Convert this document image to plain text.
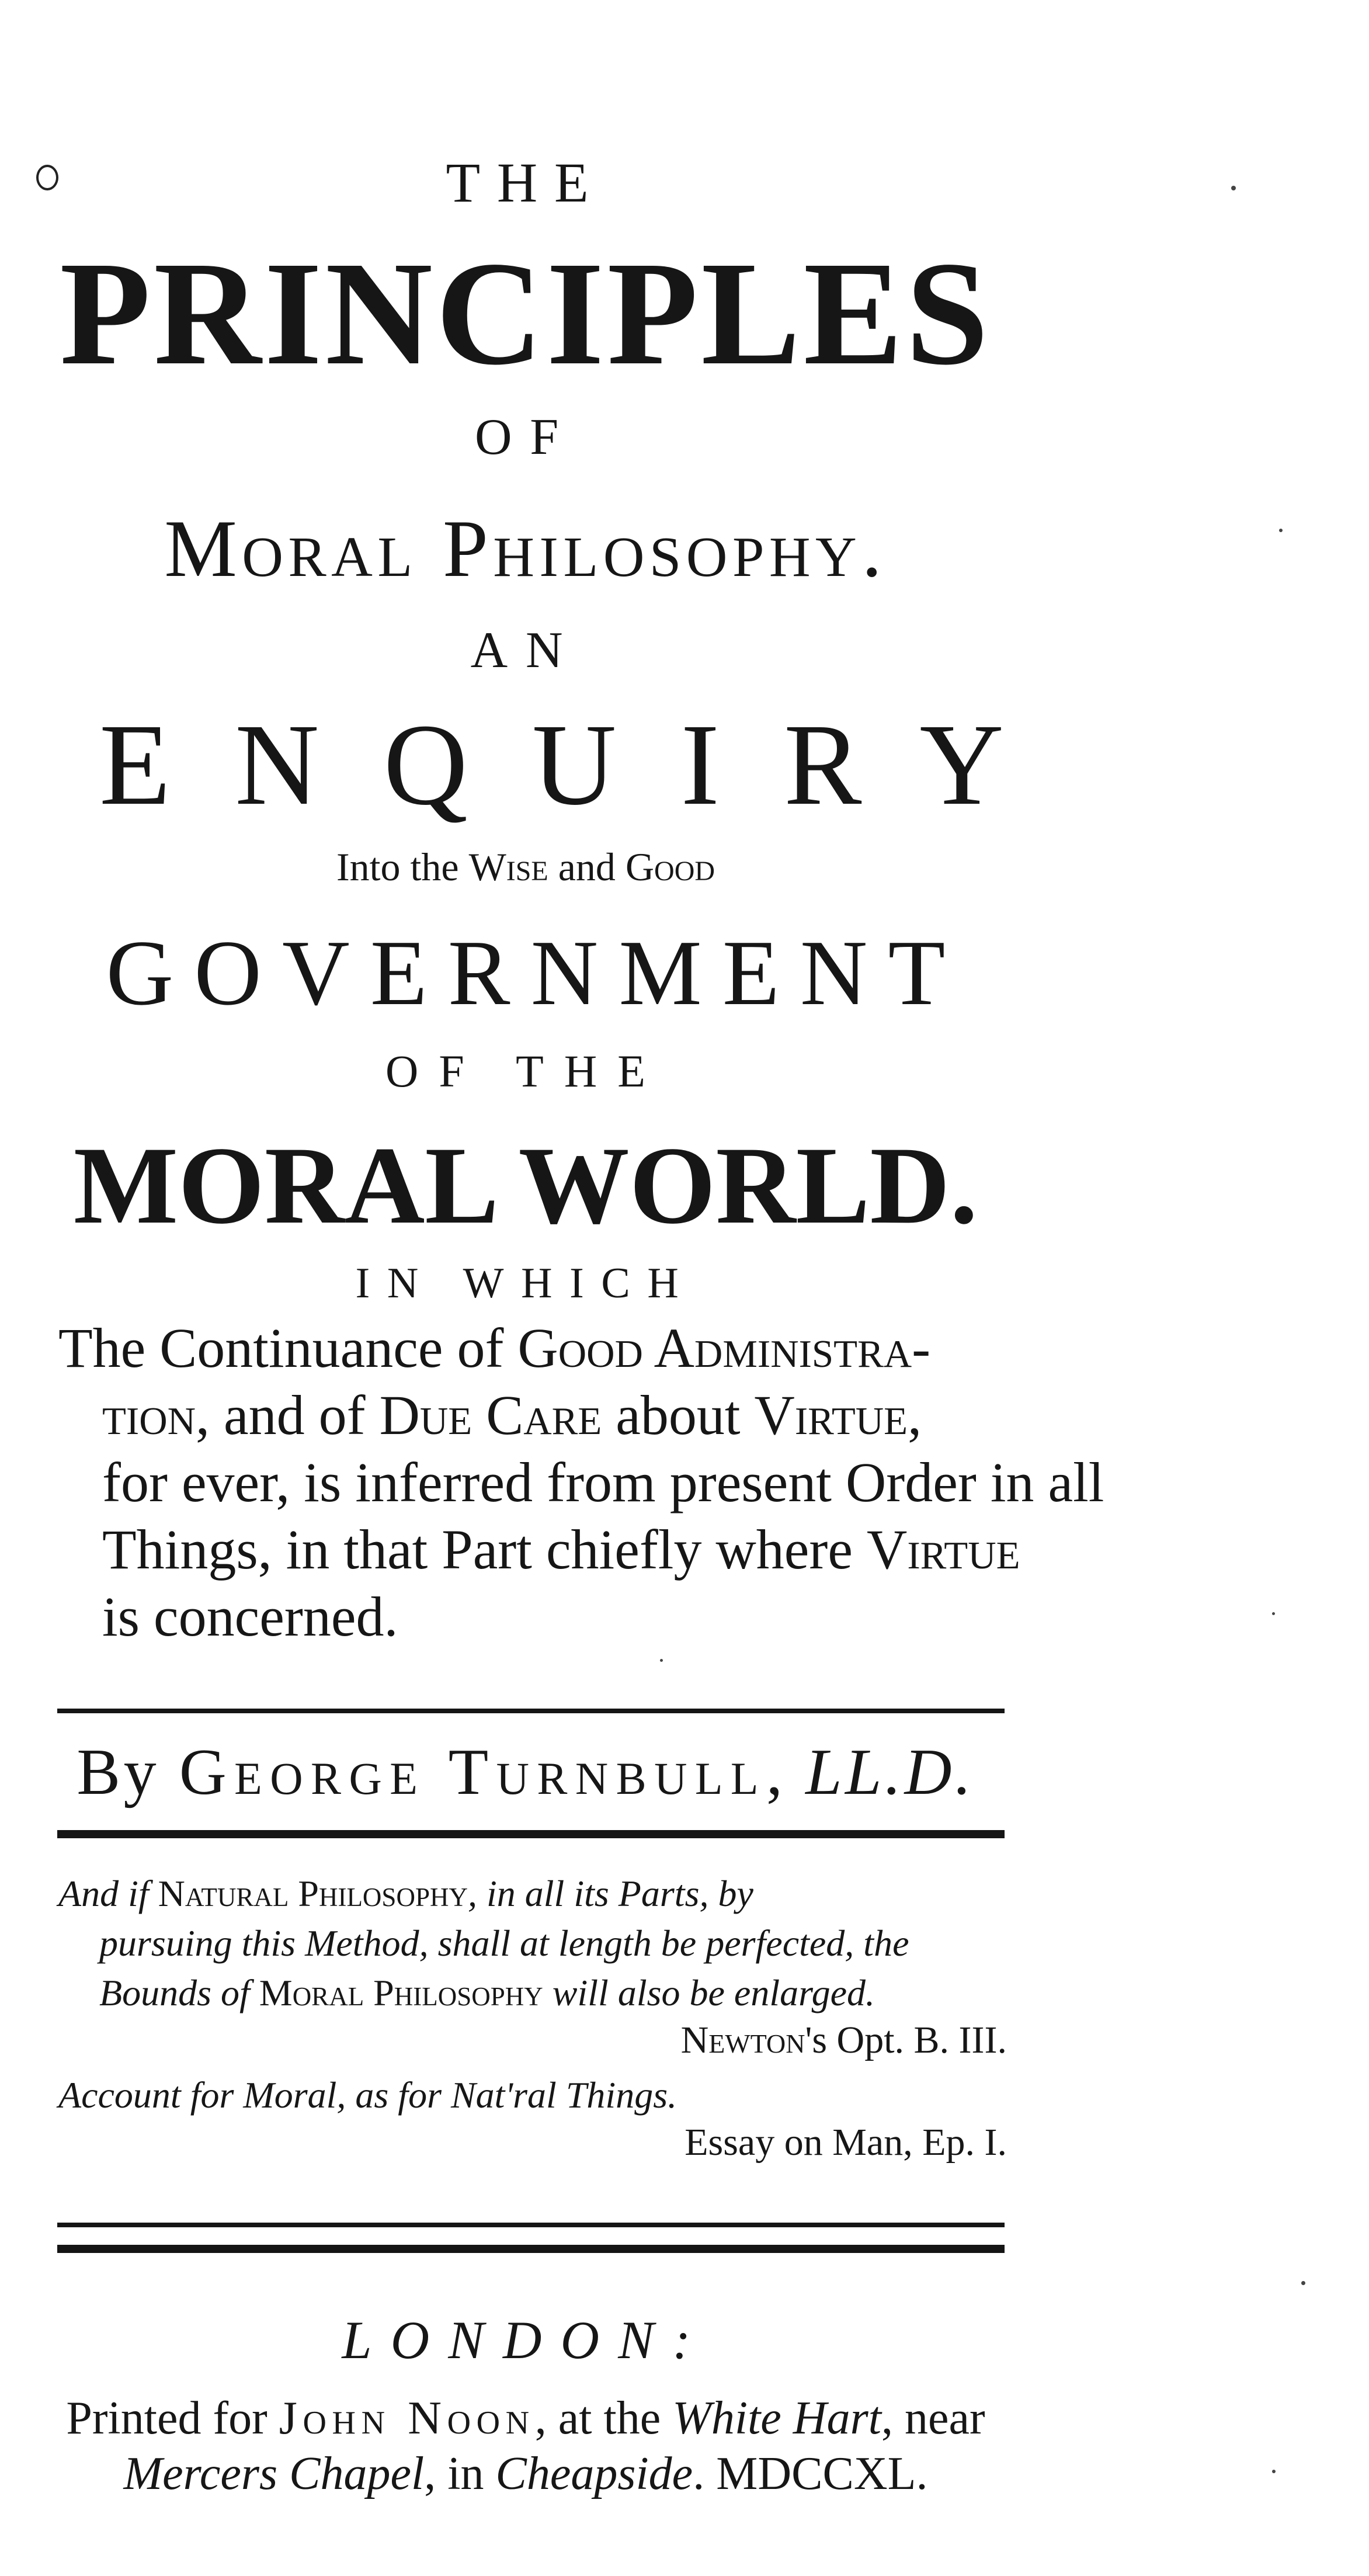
THE
PRINCIPLES
OF
Moral Philosophy.
AN
ENQUIRY
Into the Wise and Good
GOVERNMENT
OF THE
MORAL WORLD.
IN WHICH
The Continuance of Good Administra-
tion, and of Due Care about Virtue,
for ever, is inferred from present Order in all
Things, in that Part chiefly where Virtue
is concerned.
By George Turnbull, LL.D.
And if Natural Philosophy, in all its Parts, by
pursuing this Method, shall at length be perfected, the
Bounds of Moral Philosophy will also be enlarged.
Newton's Opt. B. III.
Account for Moral, as for Nat'ral Things.
Essay on Man, Ep. I.
LONDON:
Printed for John Noon, at the White Hart, near
Mercers Chapel, in Cheapside. MDCCXL.
